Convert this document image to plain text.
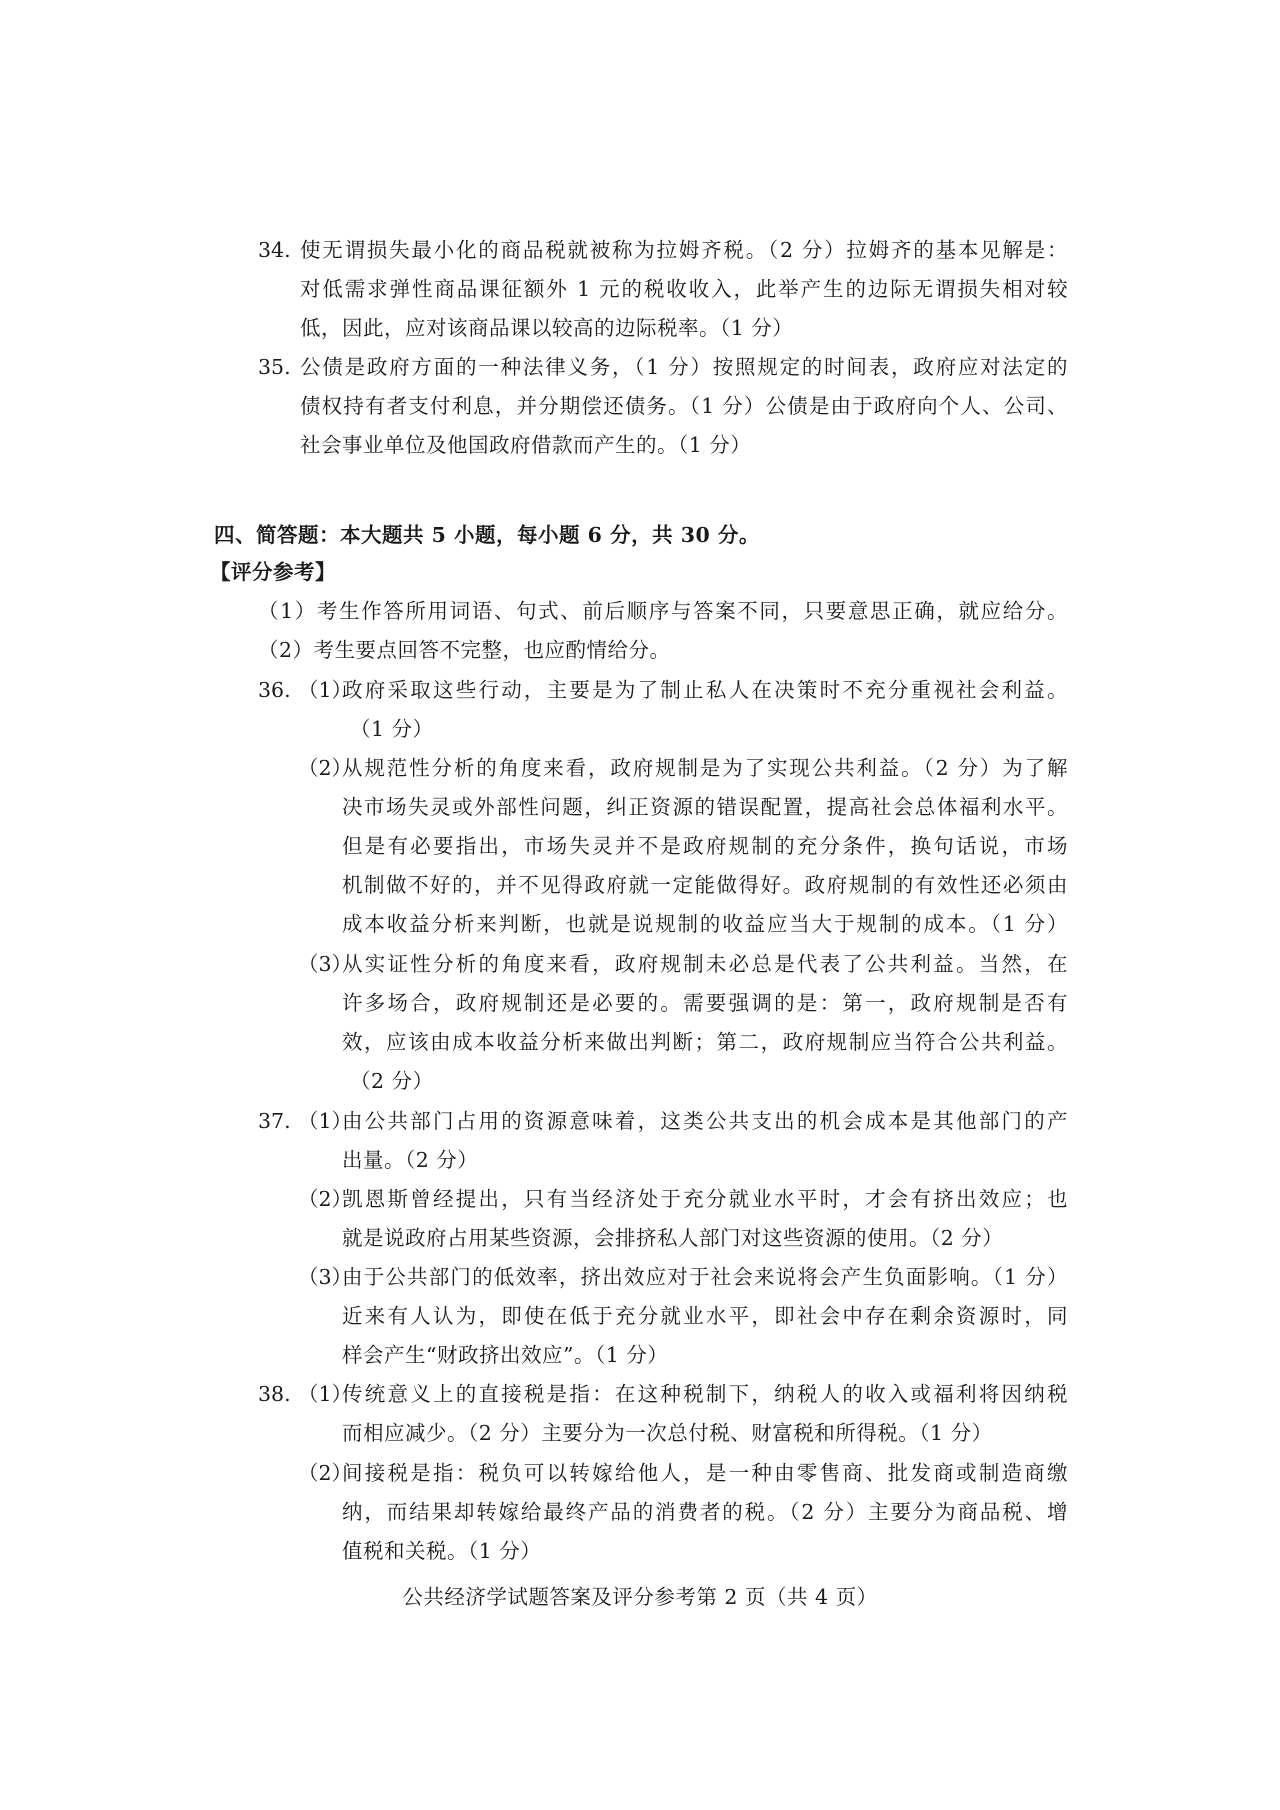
34. 使无谓损失最小化的商品税就被称为拉姆齐税。（2 分）拉姆齐的基本见解是：
对低需求弹性商品课征额外 1 元的税收收入，此举产生的边际无谓损失相对较
低，因此，应对该商品课以较高的边际税率。（1 分）
35. 公债是政府方面的一种法律义务，（1 分）按照规定的时间表，政府应对法定的
债权持有者支付利息，并分期偿还债务。（1 分）公债是由于政府向个人、公司、
社会事业单位及他国政府借款而产生的。（1 分）
四、简答题：本大题共 5 小题，每小题 6 分，共 30 分。
【评分参考】
（1）考生作答所用词语、句式、前后顺序与答案不同，只要意思正确，就应给分。
（2）考生要点回答不完整，也应酌情给分。
36. （1）
政府采取这些行动，主要是为了制止私人在决策时不充分重视社会利益。
（1 分）
（2）
从规范性分析的角度来看，政府规制是为了实现公共利益。（2 分）为了解
决市场失灵或外部性问题，纠正资源的错误配置，提高社会总体福利水平。
但是有必要指出，市场失灵并不是政府规制的充分条件，换句话说，市场
机制做不好的，并不见得政府就一定能做得好。政府规制的有效性还必须由
成本收益分析来判断，也就是说规制的收益应当大于规制的成本。（1 分）
（3）
从实证性分析的角度来看，政府规制未必总是代表了公共利益。当然，在
许多场合，政府规制还是必要的。需要强调的是：第一，政府规制是否有
效，应该由成本收益分析来做出判断；第二，政府规制应当符合公共利益。
（2 分）
37. （1）
由公共部门占用的资源意味着，这类公共支出的机会成本是其他部门的产
出量。（2 分）
（2）
凯恩斯曾经提出，只有当经济处于充分就业水平时，才会有挤出效应；也
就是说政府占用某些资源，会排挤私人部门对这些资源的使用。（2 分）
（3）
由于公共部门的低效率，挤出效应对于社会来说将会产生负面影响。（1 分）
近来有人认为，即使在低于充分就业水平，即社会中存在剩余资源时，同
样会产生“财政挤出效应”。（1 分）
38. （1）
传统意义上的直接税是指：在这种税制下，纳税人的收入或福利将因纳税
而相应减少。（2 分）主要分为一次总付税、财富税和所得税。（1 分）
（2）
间接税是指：税负可以转嫁给他人，是一种由零售商、批发商或制造商缴
纳，而结果却转嫁给最终产品的消费者的税。（2 分）主要分为商品税、增
值税和关税。（1 分）
公共经济学试题答案及评分参考第 2 页（共 4 页）
